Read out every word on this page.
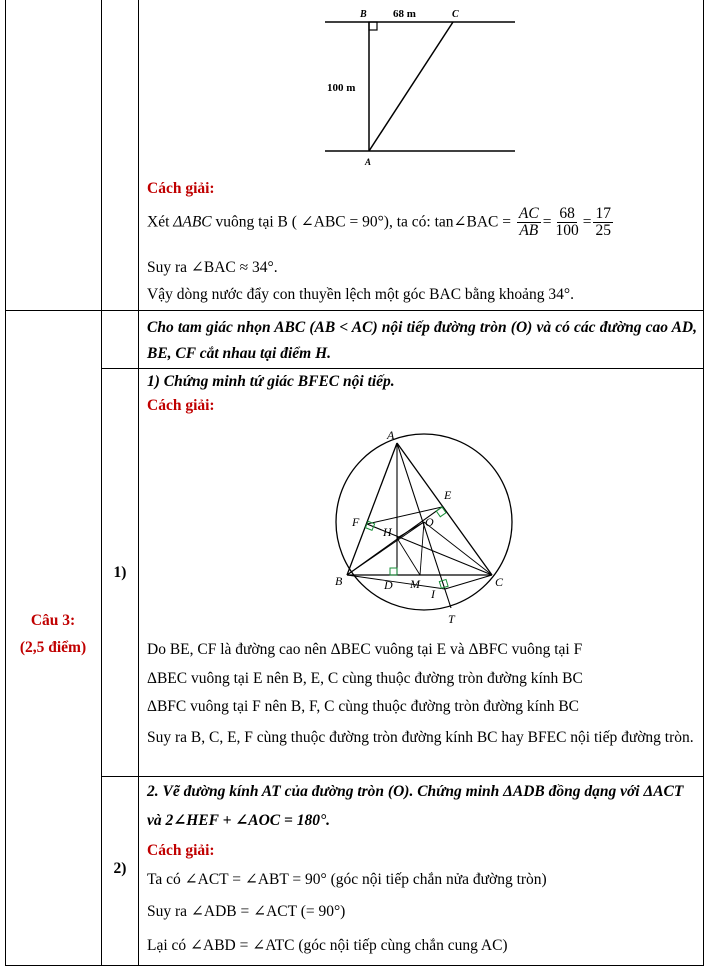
B	C
A
68 m
100 m
Cách giải:
Xét ΔABC vuông tại B ( ∠ABC = 90°), ta có: tan∠BAC = $\frac{AC}{AB} = \frac{68}{100} = \frac{17}{25}$
Suy ra ∠BAC ≈ 34°.
Vậy dòng nước đẩy con thuyền lệch một góc BAC bằng khoảng 34°.
Câu 3:
(2,5 điểm)
Cho tam giác nhọn ABC (AB < AC) nội tiếp đường tròn (O) và có các đường cao AD, BE, CF cắt nhau tại điểm H.
1)
1) Chứng minh tứ giác BFEC nội tiếp.
Cách giải:
A
E
F
H
O
B	D M	C
I
T
Do BE, CF là đường cao nên ΔBEC vuông tại E và ΔBFC vuông tại F
ΔBEC vuông tại E nên B, E, C cùng thuộc đường tròn đường kính BC
ΔBFC vuông tại F nên B, F, C cùng thuộc đường tròn đường kính BC
Suy ra B, C, E, F cùng thuộc đường tròn đường kính BC hay BFEC nội tiếp đường tròn.
2)
2. Vẽ đường kính AT của đường tròn (O). Chứng minh ΔADB đồng dạng với ΔACT
và 2∠HEF + ∠AOC = 180°.
Cách giải:
Ta có ∠ACT = ∠ABT = 90° (góc nội tiếp chắn nửa đường tròn)
Suy ra ∠ADB = ∠ACT (= 90°)
Lại có ∠ABD = ∠ATC (góc nội tiếp cùng chắn cung AC)
